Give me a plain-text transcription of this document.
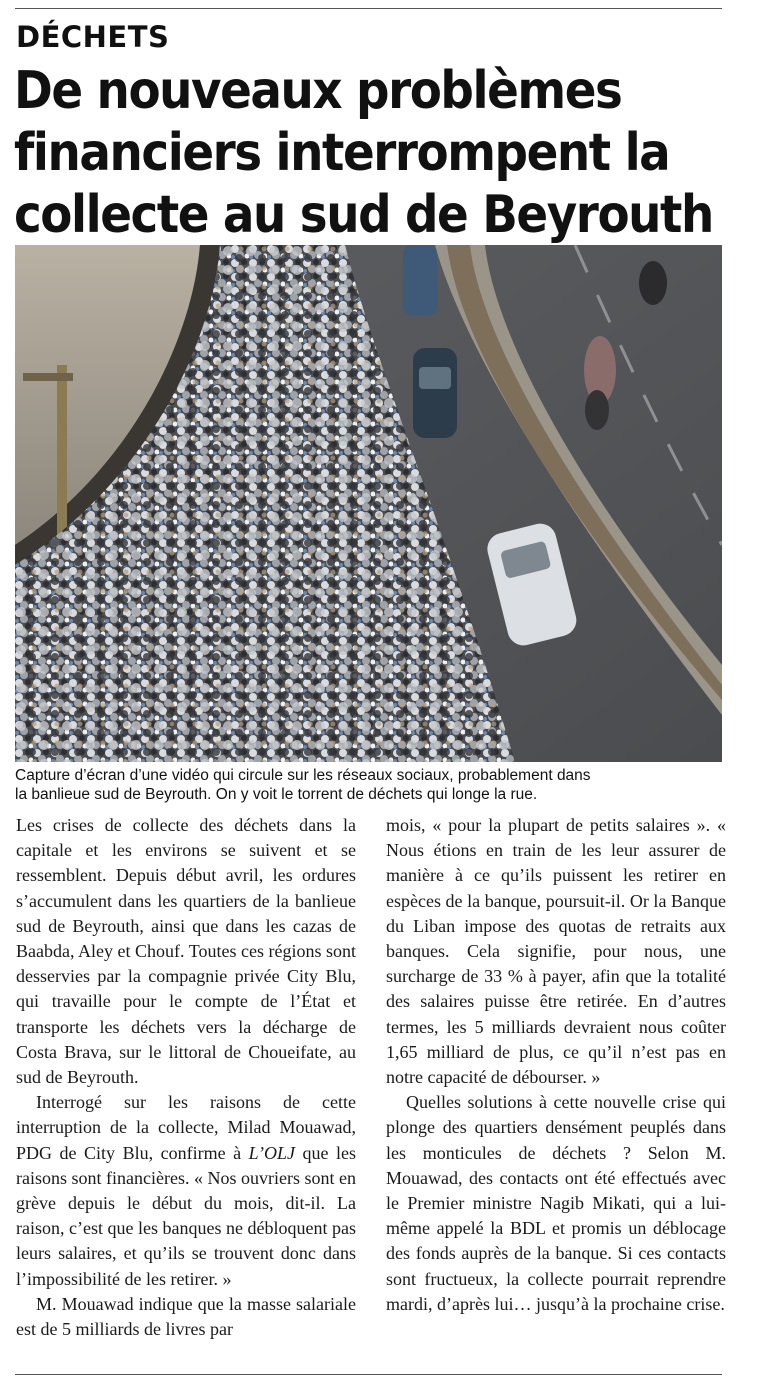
DÉCHETS
De nouveaux problèmes
financiers interrompent la
collecte au sud de Beyrouth
Capture d’écran d’une vidéo qui circule sur les réseaux sociaux, probablement dans
la banlieue sud de Beyrouth. On y voit le torrent de déchets qui longe la rue.

Les crises de collecte des déchets dans la capitale et les environs se suivent et se ressemblent. Depuis début avril, les ordures s’accumulent dans les quartiers de la banlieue sud de Beyrouth, ainsi que dans les cazas de Baabda, Aley et Chouf. Toutes ces régions sont desservies par la compagnie privée City Blu, qui travaille pour le compte de l’État et transporte les déchets vers la décharge de Costa Brava, sur le littoral de Choueifate, au sud de Beyrouth.

Interrogé sur les raisons de cette interruption de la collecte, Milad Mouawad, PDG de City Blu, confirme à L’OLJ que les raisons sont financières. « Nos ouvriers sont en grève depuis le début du mois, dit-il. La raison, c’est que les banques ne débloquent pas leurs salaires, et qu’ils se trouvent donc dans l’impossibilité de les retirer. »

M. Mouawad indique que la masse salariale est de 5 milliards de livres par

mois, « pour la plupart de petits salaires ». « Nous étions en train de les leur assurer de manière à ce qu’ils puissent les retirer en espèces de la banque, poursuit-il. Or la Banque du Liban impose des quotas de retraits aux banques. Cela signifie, pour nous, une surcharge de 33 % à payer, afin que la totalité des salaires puisse être retirée. En d’autres termes, les 5 milliards devraient nous coûter 1,65 milliard de plus, ce qu’il n’est pas en notre capacité de débourser. »

Quelles solutions à cette nouvelle crise qui plonge des quartiers densément peuplés dans les monticules de déchets ? Selon M. Mouawad, des contacts ont été effectués avec le Premier ministre Nagib Mikati, qui a lui-même appelé la BDL et promis un déblocage des fonds auprès de la banque. Si ces contacts sont fructueux, la collecte pourrait reprendre mardi, d’après lui… jusqu’à la prochaine crise.
